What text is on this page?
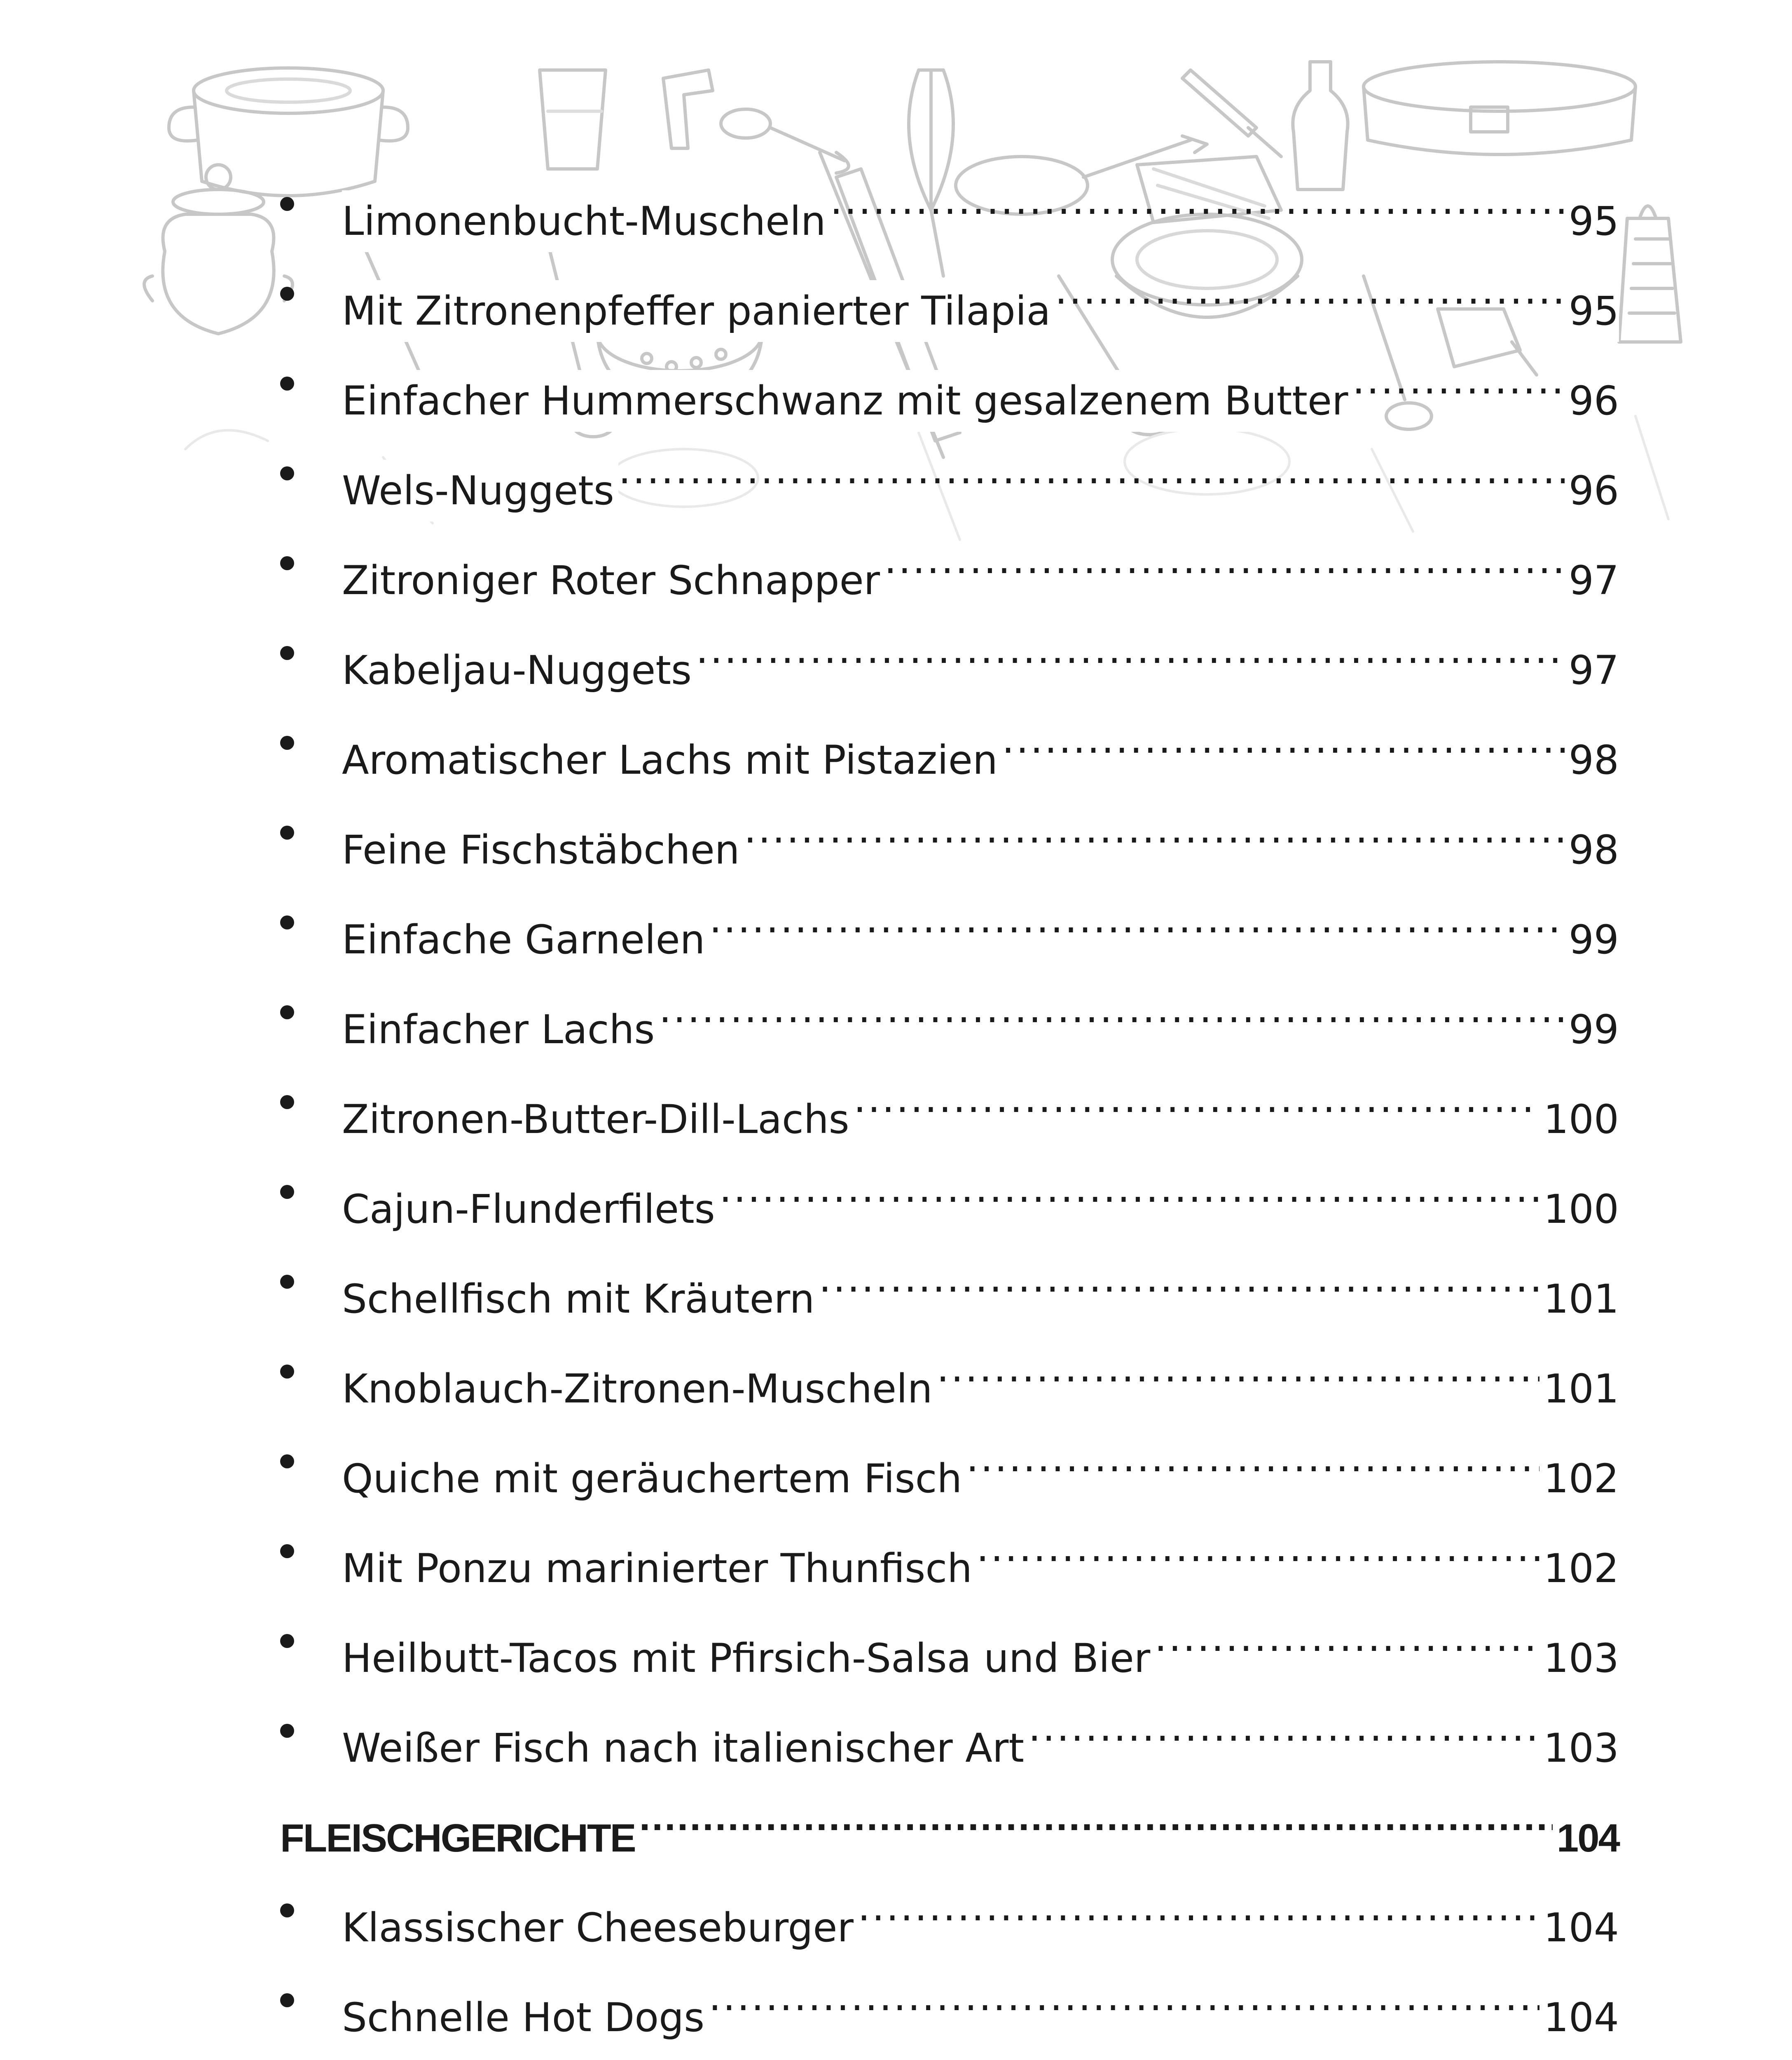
Limonenbucht-Muscheln .....	95
Mit Zitronenpfeffer panierter Tilapia .....	95
Einfacher Hummerschwanz mit gesalzenem Butter .....	96
Wels-Nuggets .....	96
Zitroniger Roter Schnapper .....	97
Kabeljau-Nuggets .....	97
Aromatischer Lachs mit Pistazien .....	98
Feine Fischstäbchen .....	98
Einfache Garnelen .....	99
Einfacher Lachs .....	99
Zitronen-Butter-Dill-Lachs .....	100
Cajun-Flunderfilets .....	100
Schellfisch mit Kräutern .....	101
Knoblauch-Zitronen-Muscheln .....	101
Quiche mit geräuchertem Fisch .....	102
Mit Ponzu marinierter Thunfisch .....	102
Heilbutt-Tacos mit Pfirsich-Salsa und Bier .....	103
Weißer Fisch nach italienischer Art .....	103
FLEISCHGERICHTE .....	104
Klassischer Cheeseburger .....	104
Schnelle Hot Dogs .....	104
.....
